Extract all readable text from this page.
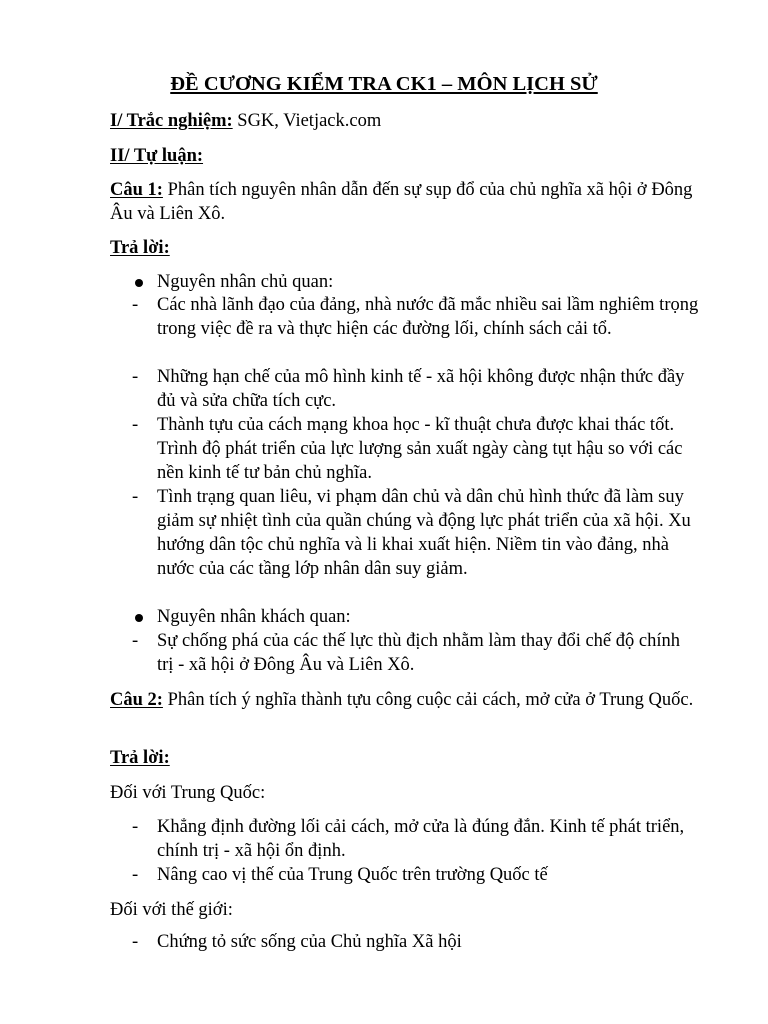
ĐỀ CƯƠNG KIỂM TRA CK1 – MÔN LỊCH SỬ
I/ Trắc nghiệm: SGK, Vietjack.com
II/ Tự luận:
Câu 1: Phân tích nguyên nhân dẫn đến sự sụp đổ của chủ nghĩa xã hội ở Đông Âu và Liên Xô.
Trả lời:
Nguyên nhân chủ quan:
- Các nhà lãnh đạo của đảng, nhà nước đã mắc nhiều sai lầm nghiêm trọng trong việc đề ra và thực hiện các đường lối, chính sách cải tổ.
- Những hạn chế của mô hình kinh tế - xã hội không được nhận thức đầy đủ và sửa chữa tích cực.
- Thành tựu của cách mạng khoa học - kĩ thuật chưa được khai thác tốt. Trình độ phát triển của lực lượng sản xuất ngày càng tụt hậu so với các nền kinh tế tư bản chủ nghĩa.
- Tình trạng quan liêu, vi phạm dân chủ và dân chủ hình thức đã làm suy giảm sự nhiệt tình của quần chúng và động lực phát triển của xã hội. Xu hướng dân tộc chủ nghĩa và li khai xuất hiện. Niềm tin vào đảng, nhà nước của các tầng lớp nhân dân suy giảm.
Nguyên nhân khách quan:
- Sự chống phá của các thế lực thù địch nhằm làm thay đổi chế độ chính trị - xã hội ở Đông Âu và Liên Xô.
Câu 2: Phân tích ý nghĩa thành tựu công cuộc cải cách, mở cửa ở Trung Quốc.
Trả lời:
Đối với Trung Quốc:
- Khẳng định đường lối cải cách, mở cửa là đúng đắn. Kinh tế phát triển, chính trị - xã hội ổn định.
- Nâng cao vị thế của Trung Quốc trên trường Quốc tế
Đối với thế giới:
- Chứng tỏ sức sống của Chủ nghĩa Xã hội
